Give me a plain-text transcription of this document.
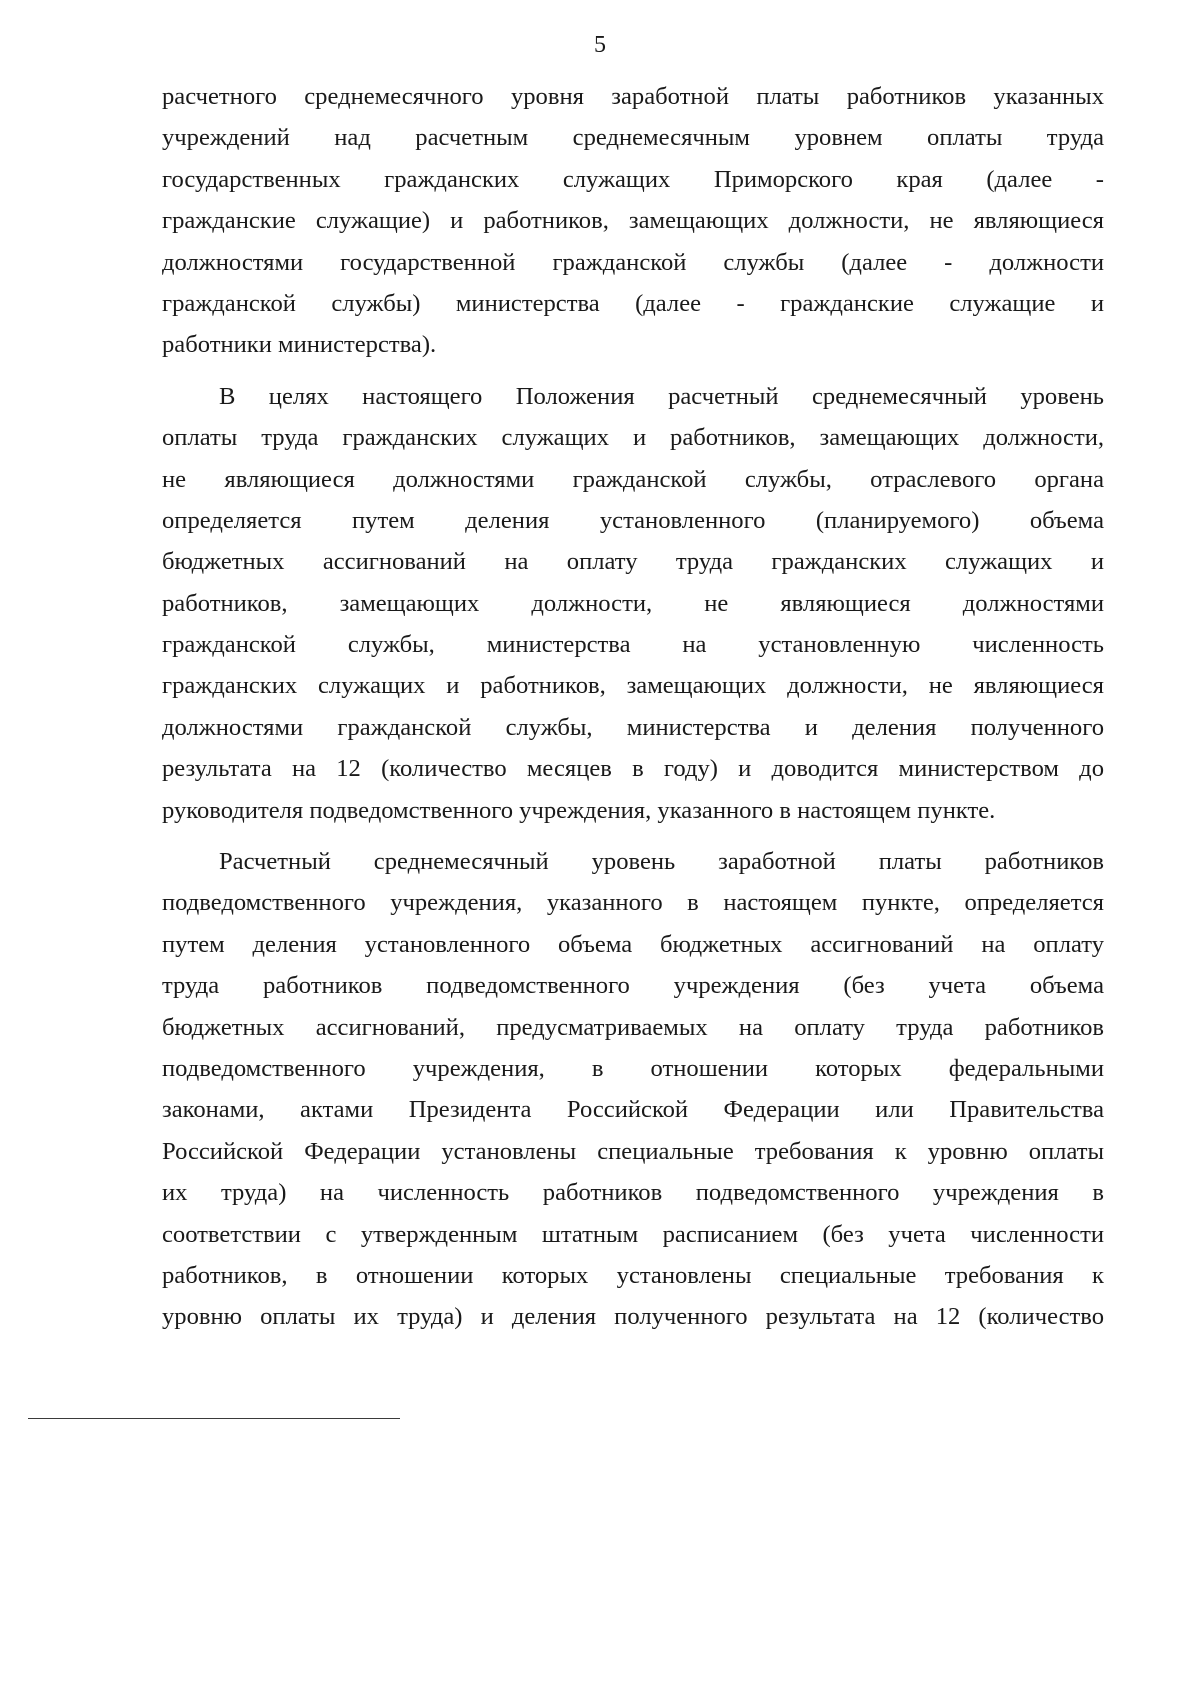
5
расчетного среднемесячного уровня заработной платы работников указанных
учреждений над расчетным среднемесячным уровнем оплаты труда
государственных гражданских служащих Приморского края (далее -
гражданские служащие) и работников, замещающих должности, не являющиеся
должностями государственной гражданской службы (далее - должности
гражданской службы) министерства (далее - гражданские служащие и
работники министерства).
В целях настоящего Положения расчетный среднемесячный уровень
оплаты труда гражданских служащих и работников, замещающих должности,
не являющиеся должностями гражданской службы, отраслевого органа
определяется путем деления установленного (планируемого) объема
бюджетных ассигнований на оплату труда гражданских служащих и
работников, замещающих должности, не являющиеся должностями
гражданской службы, министерства на установленную численность
гражданских служащих и работников, замещающих должности, не являющиеся
должностями гражданской службы, министерства и деления полученного
результата на 12 (количество месяцев в году) и доводится министерством до
руководителя подведомственного учреждения, указанного в настоящем пункте.
Расчетный среднемесячный уровень заработной платы работников
подведомственного учреждения, указанного в настоящем пункте, определяется
путем деления установленного объема бюджетных ассигнований на оплату
труда работников подведомственного учреждения (без учета объема
бюджетных ассигнований, предусматриваемых на оплату труда работников
подведомственного учреждения, в отношении которых федеральными
законами, актами Президента Российской Федерации или Правительства
Российской Федерации установлены специальные требования к уровню оплаты
их труда) на численность работников подведомственного учреждения в
соответствии с утвержденным штатным расписанием (без учета численности
работников, в отношении которых установлены специальные требования к
уровню оплаты их труда) и деления полученного результата на 12 (количество
